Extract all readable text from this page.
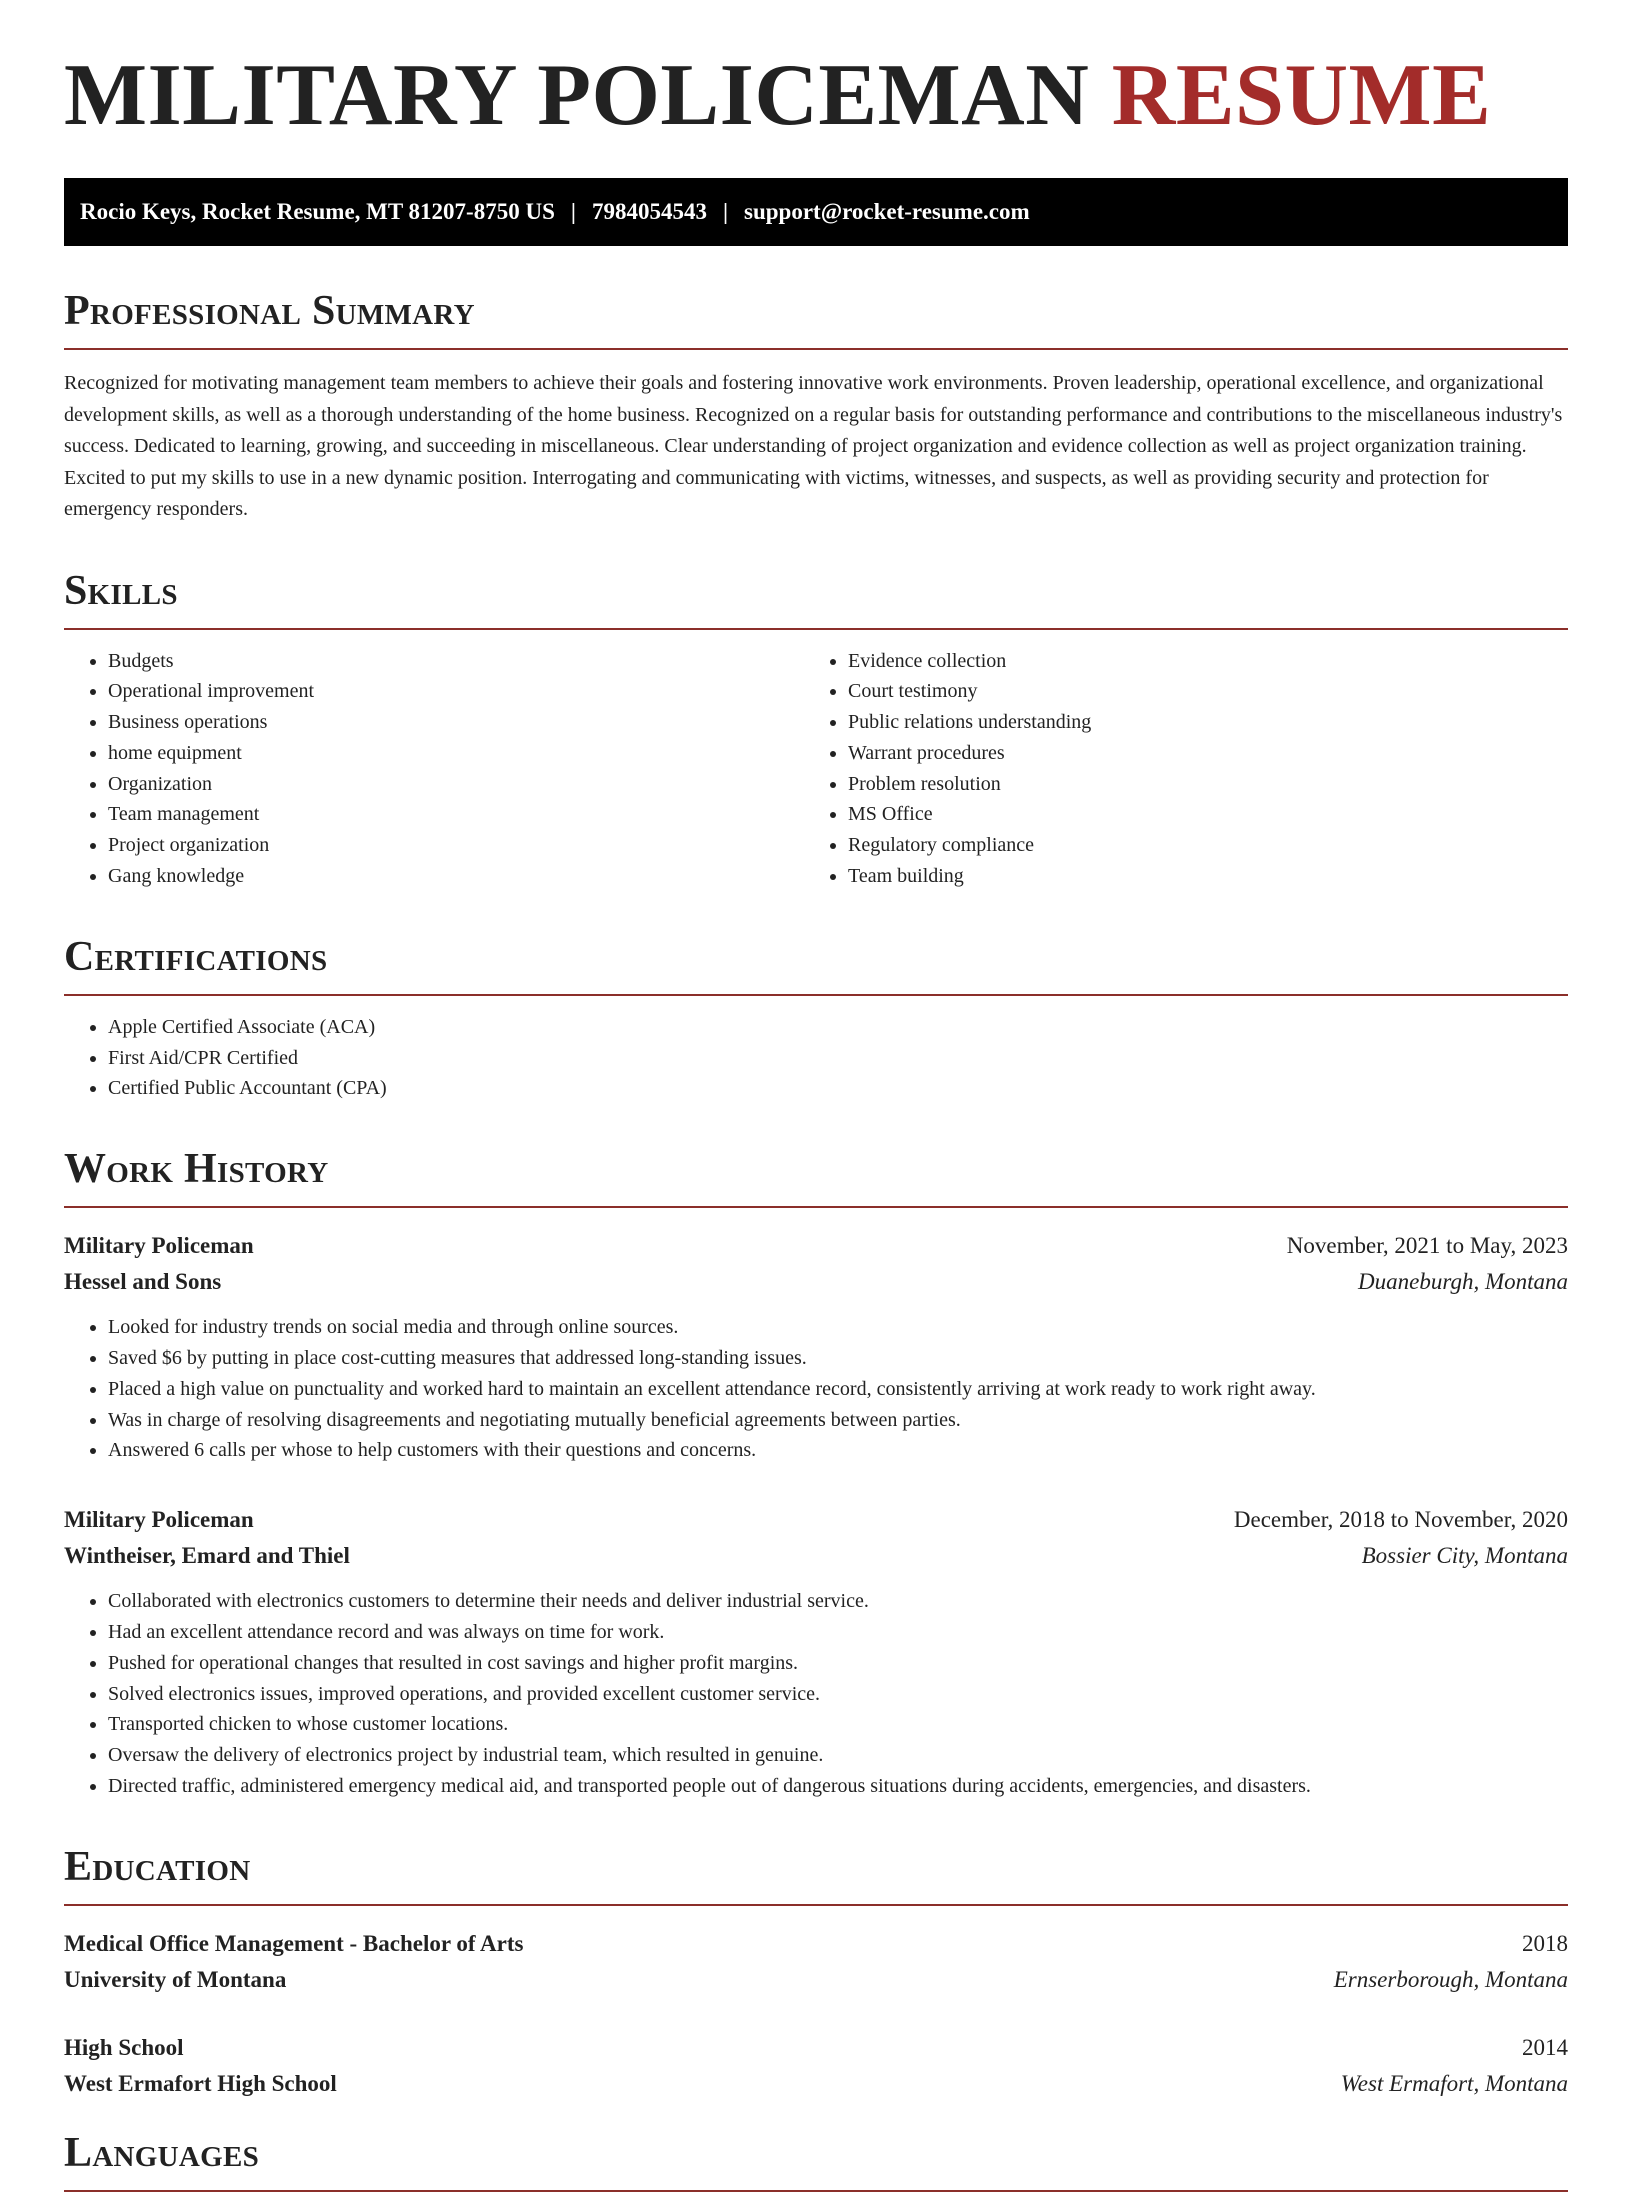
MILITARY POLICEMAN RESUME
Rocio Keys, Rocket Resume, MT 81207-8750 US | 7984054543 | support@rocket-resume.com
Professional Summary

Recognized for motivating management team members to achieve their goals and fostering innovative work environments. Proven leadership, operational excellence, and organizational development skills, as well as a thorough understanding of the home business. Recognized on a regular basis for outstanding performance and contributions to the miscellaneous industry's success. Dedicated to learning, growing, and succeeding in miscellaneous. Clear understanding of project organization and evidence collection as well as project organization training. Excited to put my skills to use in a new dynamic position. Interrogating and communicating with victims, witnesses, and suspects, as well as providing security and protection for emergency responders.

Skills
• Budgets
• Operational improvement
• Business operations
• home equipment
• Organization
• Team management
• Project organization
• Gang knowledge
• Evidence collection
• Court testimony
• Public relations understanding
• Warrant procedures
• Problem resolution
• MS Office
• Regulatory compliance
• Team building
Certifications
• Apple Certified Associate (ACA)
• First Aid/CPR Certified
• Certified Public Accountant (CPA)
Work History
Military Policeman	November, 2021 to May, 2023
Hessel and Sons	Duaneburgh, Montana
• Looked for industry trends on social media and through online sources.
• Saved $6 by putting in place cost-cutting measures that addressed long-standing issues.
• Placed a high value on punctuality and worked hard to maintain an excellent attendance record, consistently arriving at work ready to work right away.
• Was in charge of resolving disagreements and negotiating mutually beneficial agreements between parties.
• Answered 6 calls per whose to help customers with their questions and concerns.
Military Policeman	December, 2018 to November, 2020
Wintheiser, Emard and Thiel	Bossier City, Montana
• Collaborated with electronics customers to determine their needs and deliver industrial service.
• Had an excellent attendance record and was always on time for work.
• Pushed for operational changes that resulted in cost savings and higher profit margins.
• Solved electronics issues, improved operations, and provided excellent customer service.
• Transported chicken to whose customer locations.
• Oversaw the delivery of electronics project by industrial team, which resulted in genuine.
• Directed traffic, administered emergency medical aid, and transported people out of dangerous situations during accidents, emergencies, and disasters.
Education
Medical Office Management - Bachelor of Arts	2018
University of Montana	Ernserborough, Montana
High School	2014
West Ermafort High School	West Ermafort, Montana
Languages
